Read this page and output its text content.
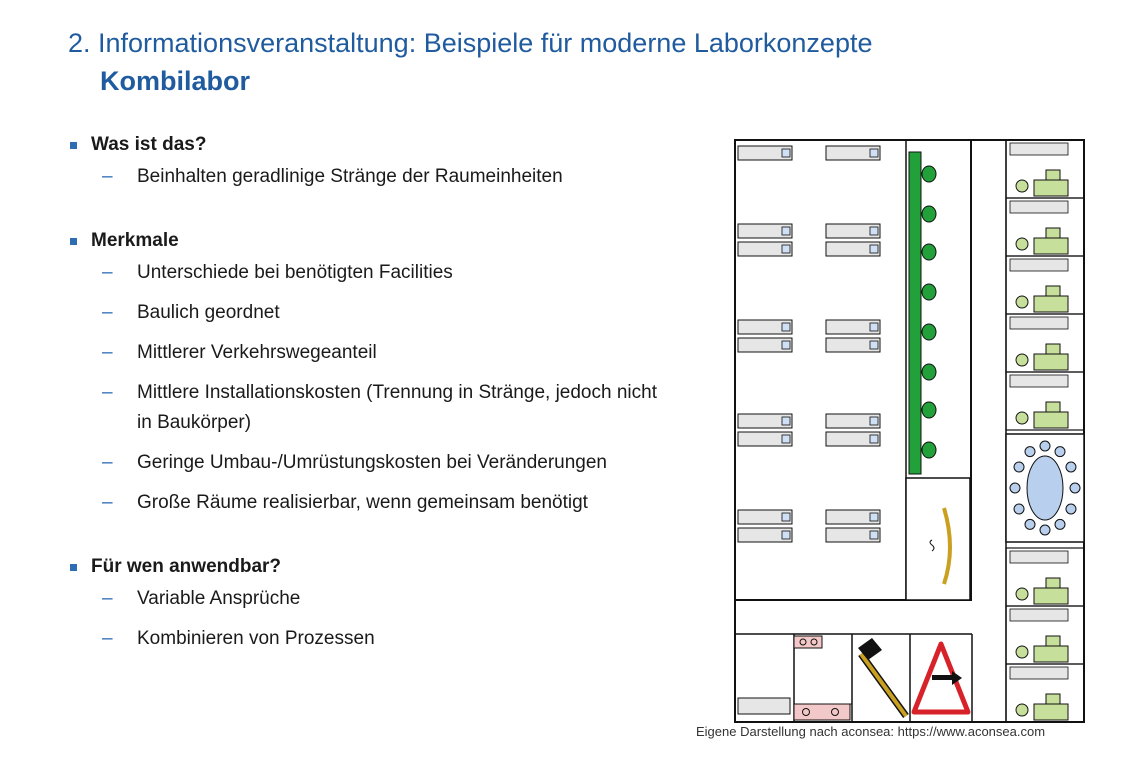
2. Informationsveranstaltung: Beispiele für moderne Laborkonzepte
Kombilabor
Was ist das?
– Beinhalten geradlinige Stränge der Raumeinheiten
Merkmale
– Unterschiede bei benötigten Facilities
– Baulich geordnet
– Mittlerer Verkehrswegeanteil
– Mittlere Installationskosten (Trennung in Stränge, jedoch nicht in Baukörper)
– Geringe Umbau-/Umrüstungskosten bei Veränderungen
– Große Räume realisierbar, wenn gemeinsam benötigt
Für wen anwendbar?
– Variable Ansprüche
– Kombinieren von Prozessen
Eigene Darstellung nach aconsea: https://www.aconsea.com
